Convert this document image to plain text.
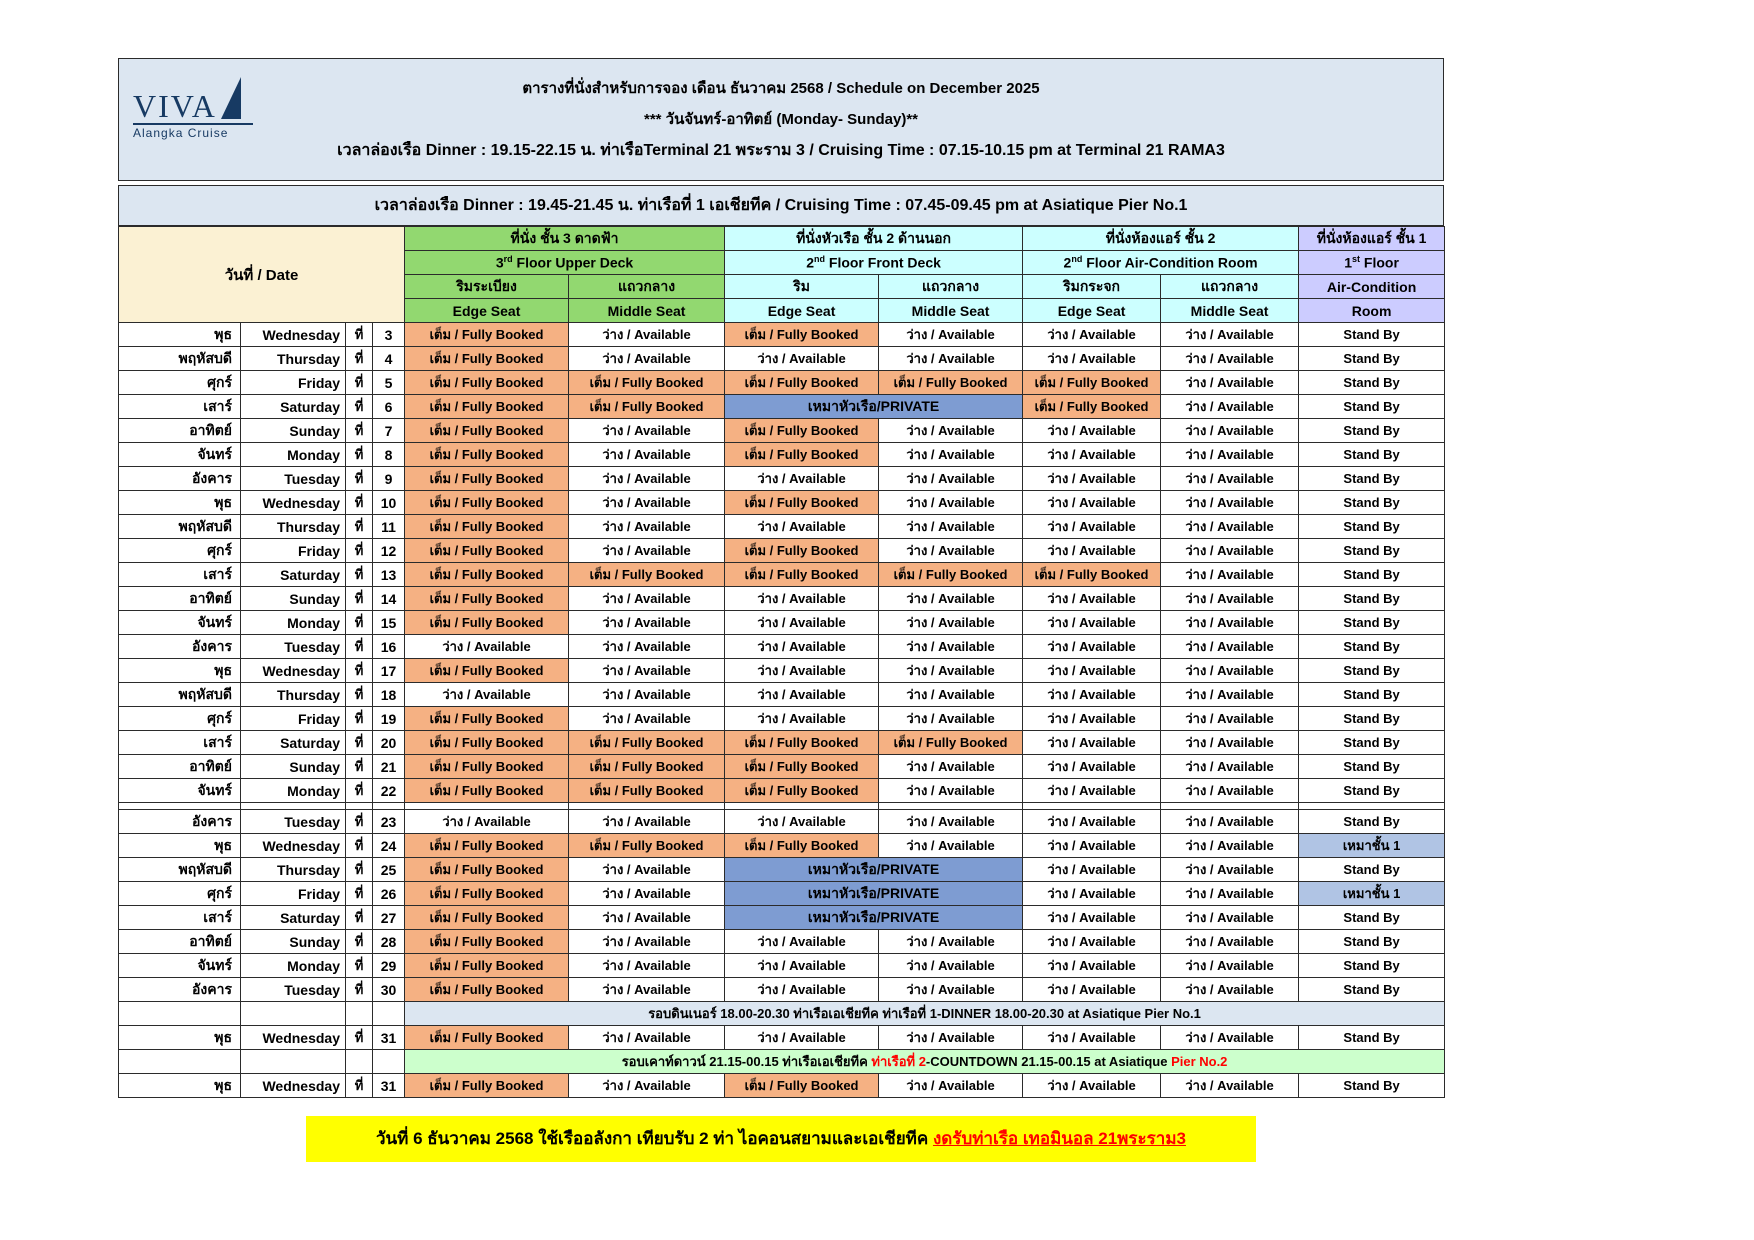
VIVA
Alangka Cruise
ตารางที่นั่งสำหรับการจอง เดือน ธันวาคม 2568 / Schedule on December 2025
*** วันจันทร์-อาทิตย์ (Monday- Sunday)**
เวลาล่องเรือ Dinner : 19.15-22.15 น. ท่าเรือTerminal 21 พระราม 3 / Cruising Time : 07.15-10.15 pm at Terminal 21 RAMA3
เวลาล่องเรือ Dinner : 19.45-21.45 น. ท่าเรือที่ 1 เอเชียทีค / Cruising Time : 07.45-09.45 pm at Asiatique Pier No.1
วันที่ / Date				ที่นั่ง ชั้น 3 ดาดฟ้า		ที่นั่งหัวเรือ ชั้น 2 ด้านนอก		ที่นั่งห้องแอร์ ชั้น 2		ที่นั่งห้องแอร์ ชั้น 1
				3rd Floor Upper Deck		2nd Floor Front Deck		2nd Floor Air-Condition Room		1st Floor
				ริมระเบียง	แถวกลาง	ริม	แถวกลาง	ริมกระจก	แถวกลาง	Air-Condition
				Edge Seat	Middle Seat	Edge Seat	Middle Seat	Edge Seat	Middle Seat	Room
พุธ	Wednesday	ที่	3	เต็ม / Fully Booked	ว่าง / Available	เต็ม / Fully Booked	ว่าง / Available	ว่าง / Available	ว่าง / Available	Stand By
พฤหัสบดี	Thursday	ที่	4	เต็ม / Fully Booked	ว่าง / Available	ว่าง / Available	ว่าง / Available	ว่าง / Available	ว่าง / Available	Stand By
ศุกร์	Friday	ที่	5	เต็ม / Fully Booked	เต็ม / Fully Booked	เต็ม / Fully Booked	เต็ม / Fully Booked	เต็ม / Fully Booked	ว่าง / Available	Stand By
เสาร์	Saturday	ที่	6	เต็ม / Fully Booked	เต็ม / Fully Booked	เหมาหัวเรือ/PRIVATE		เต็ม / Fully Booked	ว่าง / Available	Stand By
อาทิตย์	Sunday	ที่	7	เต็ม / Fully Booked	ว่าง / Available	เต็ม / Fully Booked	ว่าง / Available	ว่าง / Available	ว่าง / Available	Stand By
จันทร์	Monday	ที่	8	เต็ม / Fully Booked	ว่าง / Available	เต็ม / Fully Booked	ว่าง / Available	ว่าง / Available	ว่าง / Available	Stand By
อังคาร	Tuesday	ที่	9	เต็ม / Fully Booked	ว่าง / Available	ว่าง / Available	ว่าง / Available	ว่าง / Available	ว่าง / Available	Stand By
พุธ	Wednesday	ที่	10	เต็ม / Fully Booked	ว่าง / Available	เต็ม / Fully Booked	ว่าง / Available	ว่าง / Available	ว่าง / Available	Stand By
พฤหัสบดี	Thursday	ที่	11	เต็ม / Fully Booked	ว่าง / Available	ว่าง / Available	ว่าง / Available	ว่าง / Available	ว่าง / Available	Stand By
ศุกร์	Friday	ที่	12	เต็ม / Fully Booked	ว่าง / Available	เต็ม / Fully Booked	ว่าง / Available	ว่าง / Available	ว่าง / Available	Stand By
เสาร์	Saturday	ที่	13	เต็ม / Fully Booked	เต็ม / Fully Booked	เต็ม / Fully Booked	เต็ม / Fully Booked	เต็ม / Fully Booked	ว่าง / Available	Stand By
อาทิตย์	Sunday	ที่	14	เต็ม / Fully Booked	ว่าง / Available	ว่าง / Available	ว่าง / Available	ว่าง / Available	ว่าง / Available	Stand By
จันทร์	Monday	ที่	15	เต็ม / Fully Booked	ว่าง / Available	ว่าง / Available	ว่าง / Available	ว่าง / Available	ว่าง / Available	Stand By
อังคาร	Tuesday	ที่	16	ว่าง / Available	ว่าง / Available	ว่าง / Available	ว่าง / Available	ว่าง / Available	ว่าง / Available	Stand By
พุธ	Wednesday	ที่	17	เต็ม / Fully Booked	ว่าง / Available	ว่าง / Available	ว่าง / Available	ว่าง / Available	ว่าง / Available	Stand By
พฤหัสบดี	Thursday	ที่	18	ว่าง / Available	ว่าง / Available	ว่าง / Available	ว่าง / Available	ว่าง / Available	ว่าง / Available	Stand By
ศุกร์	Friday	ที่	19	เต็ม / Fully Booked	ว่าง / Available	ว่าง / Available	ว่าง / Available	ว่าง / Available	ว่าง / Available	Stand By
เสาร์	Saturday	ที่	20	เต็ม / Fully Booked	เต็ม / Fully Booked	เต็ม / Fully Booked	เต็ม / Fully Booked	ว่าง / Available	ว่าง / Available	Stand By
อาทิตย์	Sunday	ที่	21	เต็ม / Fully Booked	เต็ม / Fully Booked	เต็ม / Fully Booked	ว่าง / Available	ว่าง / Available	ว่าง / Available	Stand By
จันทร์	Monday	ที่	22	เต็ม / Fully Booked	เต็ม / Fully Booked	เต็ม / Fully Booked	ว่าง / Available	ว่าง / Available	ว่าง / Available	Stand By

อังคาร	Tuesday	ที่	23	ว่าง / Available	ว่าง / Available	ว่าง / Available	ว่าง / Available	ว่าง / Available	ว่าง / Available	Stand By
พุธ	Wednesday	ที่	24	เต็ม / Fully Booked	เต็ม / Fully Booked	เต็ม / Fully Booked	ว่าง / Available	ว่าง / Available	ว่าง / Available	เหมาชั้น 1
พฤหัสบดี	Thursday	ที่	25	เต็ม / Fully Booked	ว่าง / Available	เหมาหัวเรือ/PRIVATE		ว่าง / Available	ว่าง / Available	Stand By
ศุกร์	Friday	ที่	26	เต็ม / Fully Booked	ว่าง / Available	เหมาหัวเรือ/PRIVATE		ว่าง / Available	ว่าง / Available	เหมาชั้น 1
เสาร์	Saturday	ที่	27	เต็ม / Fully Booked	ว่าง / Available	เหมาหัวเรือ/PRIVATE		ว่าง / Available	ว่าง / Available	Stand By
อาทิตย์	Sunday	ที่	28	เต็ม / Fully Booked	ว่าง / Available	ว่าง / Available	ว่าง / Available	ว่าง / Available	ว่าง / Available	Stand By
จันทร์	Monday	ที่	29	เต็ม / Fully Booked	ว่าง / Available	ว่าง / Available	ว่าง / Available	ว่าง / Available	ว่าง / Available	Stand By
อังคาร	Tuesday	ที่	30	เต็ม / Fully Booked	ว่าง / Available	ว่าง / Available	ว่าง / Available	ว่าง / Available	ว่าง / Available	Stand By
				รอบดินเนอร์ 18.00-20.30 ท่าเรือเอเชียทีค ท่าเรือที่ 1-DINNER 18.00-20.30 at Asiatique Pier No.1						
พุธ	Wednesday	ที่	31	เต็ม / Fully Booked	ว่าง / Available	ว่าง / Available	ว่าง / Available	ว่าง / Available	ว่าง / Available	Stand By
				รอบเคาท์ดาวน์ 21.15-00.15 ท่าเรือเอเชียทีค ท่าเรือที่ 2-COUNTDOWN 21.15-00.15 at Asiatique Pier No.2						
พุธ	Wednesday	ที่	31	เต็ม / Fully Booked	ว่าง / Available	เต็ม / Fully Booked	ว่าง / Available	ว่าง / Available	ว่าง / Available	Stand By
วันที่ 6 ธันวาคม 2568 ใช้เรืออลังกา เทียบรับ 2 ท่า ไอคอนสยามและเอเชียทีค งดรับท่าเรือ เทอมินอล 21พระราม3
